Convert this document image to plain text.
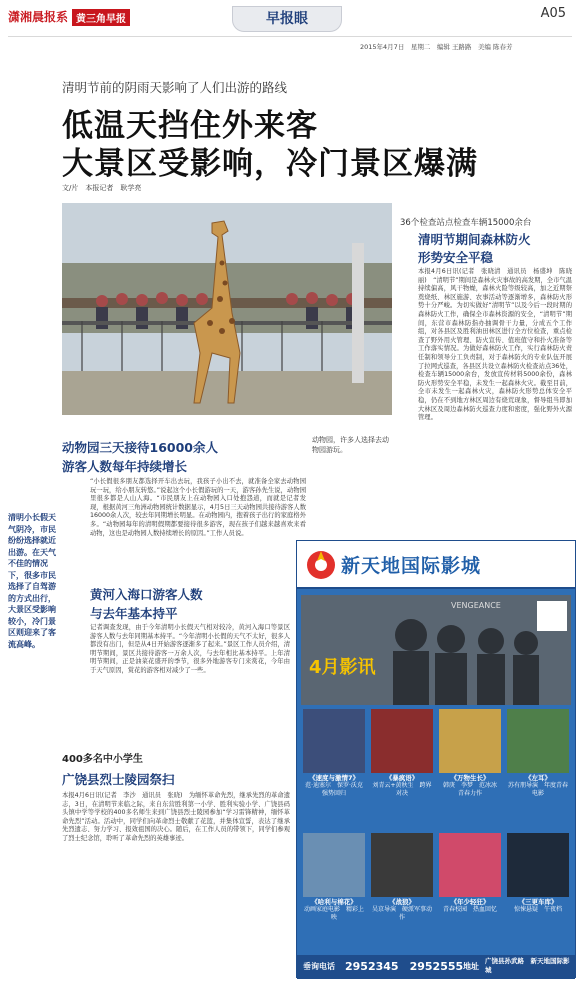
潇湘晨报系 黄三角早报	早报眼	A05
2015年4月7日　星期二　编辑 王路路　美编 陈春芳
清明节前的阴雨天影响了人们出游的路线
低温天挡住外来客
大景区受影响，冷门景区爆满
文/片　本报记者　耿学亮
动物园，许多人选择去动物园游玩。
动物园三天接待16000余人
游客人数每年持续增长
“小长假很多朋友都选择开车出去玩，我孩子小出不去，就准备全家去动物园玩一玩，给小朋友转悠。”说起这个小长假游玩的一天，游客孙先生说，动物园里很多都是人山人海。“市民朋友上在动物园入口处抱怨道，而就是记者发现，根据黄河三角洲动物园统计数据显示，4月5日三天动物园共接待游客人数16000余人次，较去年同期增长明显。在动物园内，抱着孩子出行的家庭格外多。“动物园每年的清明假期都要接待很多游客，现在孩子们越来越喜欢来看动物，这也是动物园人数持续增长的原因。”工作人员说。
清明小长假天气阴冷，市民纷纷选择就近出游。在天气不佳的情况下，很多市民选择了自驾游的方式出行，大景区受影响较小，冷门景区则迎来了客流高峰。
黄河入海口游客人数
与去年基本持平
记者调查发现，由于今年清明小长假天气相对较冷，黄河入海口等景区游客人数与去年同期基本持平。“今年清明小长假的天气不太好，很多人都没有出门，但是从4日开始游客逐渐多了起来。”景区工作人员介绍，清明节期间，景区共接待游客一万余人次，与去年相比基本持平。上年清明节期间，正是油菜花盛开的季节，很多外地游客专门来赏花，今年由于天气原因，赏花的游客相对减少了一些。
400多名中小学生
广饶县烈士陵园祭扫
本报4月6日讯(记者　李沙　通讯员　张晓)　为缅怀革命先烈，继承先烈的革命遗志，3日，在清明节来临之际，来自东营胜利第一小学、胜利实验小学、广饶县码头镇中学等学校的400多名师生来到广饶县烈士陵园参加“学习雷锋精神，缅怀革命先烈”活动。活动中，同学们向革命烈士敬献了花篮，并集体宣誓，表达了继承先烈遗志、努力学习、报效祖国的决心。随后，在工作人员的带领下，同学们参观了烈士纪念馆，聆听了革命先烈的英雄事迹。
36个检查站点检查车辆15000余台
清明节期间森林防火
形势安全平稳
本报4月6日讯(记者　张晓清　通讯员　杨盛坤　陈晓丽)　“清明节”期间是森林火灾事故的高发期，全市气温持续偏高，风干物燥，森林火险等级较高，加之近期祭奠烧纸、林区施游、农事活动等逐渐增多，森林防火形势十分严峻。为切实做好“清明节”以及今后一段时期的森林防火工作，确保全市森林资源的安全，“清明节”期间，东营市森林防指办抽调骨干力量，分成五个工作组，对各县区及胜利油田林区进行全方位检查，重点检查了野外用火管理、防火宣传、值班值守和扑火准备等工作落实情况。为做好森林防火工作，实行森林防火责任制和领导分工负责制，对于森林防火的专业队伍开展了拉网式巡查，各县区共设立森林防火检查站点36处，检查车辆15000余台，发放宣传材料5000余份，森林防火形势安全平稳，未发生一起森林火灾。截至目前，全市未发生一起森林火灾，森林防火形势总体安全平稳，仍在不到地方林区周边有烧荒现象，督导组当即加大林区及周边森林防火巡查力度和密度，强化野外火源管理。
新天地国际影城
4月影讯
VENGEANCE
《速度与激情7》
范·迪塞尔　保罗·沃克　强势回归
《暴疯语》
刘青云+黄秋生　跨界对决
《万物生长》
韩庚　李梦　范冰冰　青春力作
《左耳》
苏有朋导演　年度青春电影
《哈利与棉花》
动画家庭电影　精彩上映
《战狼》
吴京导演　硬派军事动作
《年少轻狂》
青春校园　热血回忆
《三更车库》
惊悚悬疑　午夜档
垂询电话 2952345　2952555 地址
广饶县孙武路　新天地国际影城
